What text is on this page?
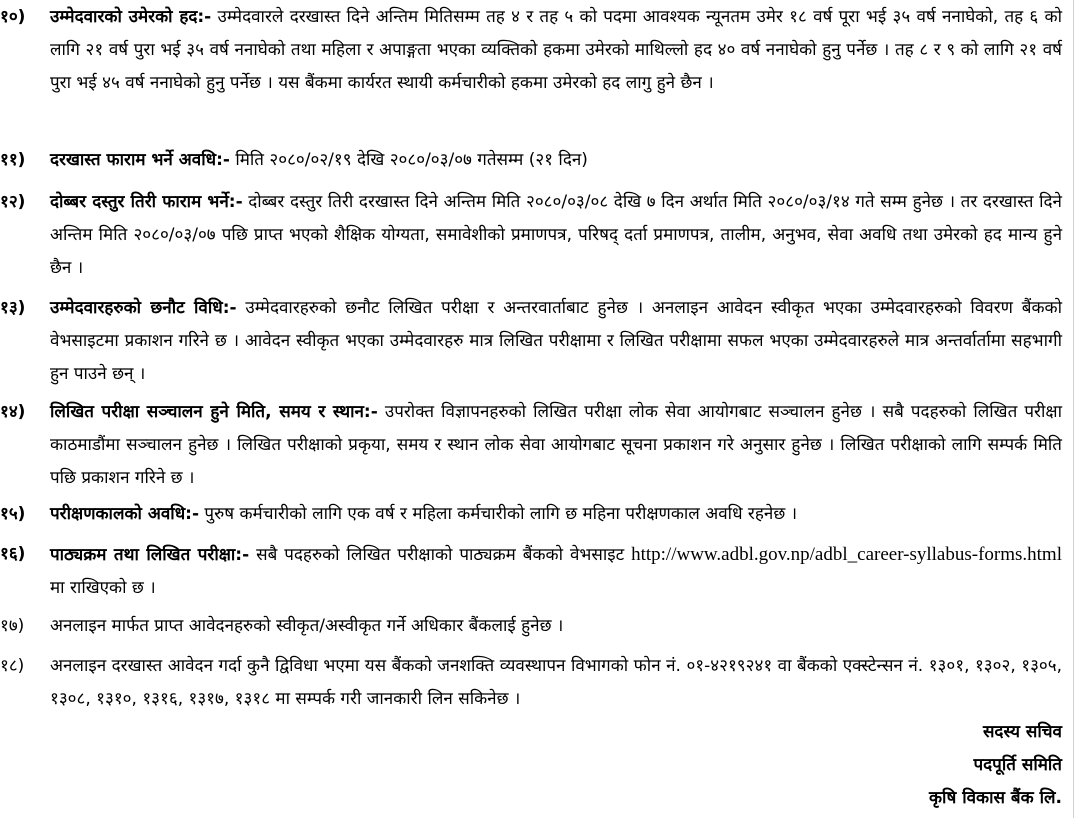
१०)	उम्मेदवारको उमेरको हद:- उम्मेदवारले दरखास्त दिने अन्तिम मितिसम्म तह ४ र तह ५ को पदमा आवश्यक न्यूनतम उमेर १८ वर्ष पूरा भई ३५ वर्ष ननाघेको, तह ६ को लागि २१ वर्ष पुरा भई ३५ वर्ष ननाघेको तथा महिला र अपाङ्गता भएका व्यक्तिको हकमा उमेरको माथिल्लो हद ४० वर्ष ननाघेको हुनु पर्नेछ । तह ८ र ९ को लागि २१ वर्ष पुरा भई ४५ वर्ष ननाघेको हुनु पर्नेछ । यस बैंकमा कार्यरत स्थायी कर्मचारीको हकमा उमेरको हद लागु हुने छैन ।
११)	दरखास्त फाराम भर्ने अवधि:- मिति २०८०/०२/१९ देखि २०८०/०३/०७ गतेसम्म (२१ दिन)
१२)	दोब्बर दस्तुर तिरी फाराम भर्ने:- दोब्बर दस्तुर तिरी दरखास्त दिने अन्तिम मिति २०८०/०३/०८ देखि ७ दिन अर्थात मिति २०८०/०३/१४ गते सम्म हुनेछ । तर दरखास्त दिने अन्तिम मिति २०८०/०३/०७ पछि प्राप्त भएको शैक्षिक योग्यता, समावेशीको प्रमाणपत्र, परिषद् दर्ता प्रमाणपत्र, तालीम, अनुभव, सेवा अवधि तथा उमेरको हद मान्य हुने छैन ।
१३)	उम्मेदवारहरुको छनौट विधि:- उम्मेदवारहरुको छनौट लिखित परीक्षा र अन्तरवार्ताबाट हुनेछ । अनलाइन आवेदन स्वीकृत भएका उम्मेदवारहरुको विवरण बैंकको वेभसाइटमा प्रकाशन गरिने छ । आवेदन स्वीकृत भएका उम्मेदवारहरु मात्र लिखित परीक्षामा र लिखित परीक्षामा सफल भएका उम्मेदवारहरुले मात्र अन्तर्वार्तामा सहभागी हुन पाउने छन् ।
१४)	लिखित परीक्षा सञ्चालन हुने मिति, समय र स्थान:- उपरोक्त विज्ञापनहरुको लिखित परीक्षा लोक सेवा आयोगबाट सञ्चालन हुनेछ । सबै पदहरुको लिखित परीक्षा काठमाडौंमा सञ्चालन हुनेछ । लिखित परीक्षाको प्रकृया, समय र स्थान लोक सेवा आयोगबाट सूचना प्रकाशन गरे अनुसार हुनेछ । लिखित परीक्षाको लागि सम्पर्क मिति पछि प्रकाशन गरिने छ ।
१५)	परीक्षणकालको अवधि:- पुरुष कर्मचारीको लागि एक वर्ष र महिला कर्मचारीको लागि छ महिना परीक्षणकाल अवधि रहनेछ ।
१६)	पाठ्यक्रम तथा लिखित परीक्षा:- सबै पदहरुको लिखित परीक्षाको पाठ्यक्रम बैंकको वेभसाइट http://www.adbl.gov.np/adbl_career-syllabus-forms.html मा राखिएको छ ।
१७)	अनलाइन मार्फत प्राप्त आवेदनहरुको स्वीकृत/अस्वीकृत गर्ने अधिकार बैंकलाई हुनेछ ।
१८)	अनलाइन दरखास्त आवेदन गर्दा कुनै द्विविधा भएमा यस बैंकको जनशक्ति व्यवस्थापन विभागको फोन नं. ०१-४२१९२४१ वा बैंकको एक्स्टेन्सन नं. १३०१, १३०२, १३०५, १३०८, १३१०, १३१६, १३१७, १३१८ मा सम्पर्क गरी जानकारी लिन सकिनेछ ।
सदस्य सचिव
पदपूर्ति समिति
कृषि विकास बैंक लि.
